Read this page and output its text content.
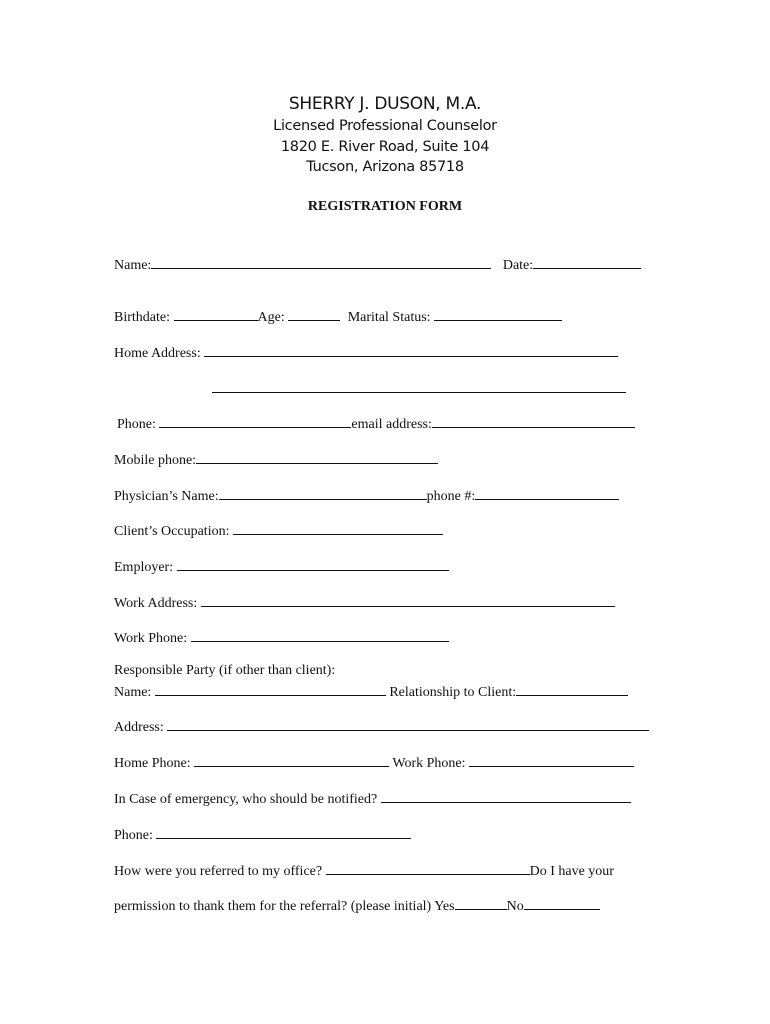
SHERRY J. DUSON, M.A.
Licensed Professional Counselor
1820 E. River Road, Suite 104
Tucson, Arizona 85718
REGISTRATION FORM
Name:	Date:
Birthdate:	Age:	Marital Status:
Home Address:
Phone:	email address:
Mobile phone:
Physician’s Name:	phone #:
Client’s Occupation:
Employer:
Work Address:
Work Phone:
Responsible Party (if other than client):
Name:	Relationship to Client:
Address:
Home Phone:	Work Phone:
In Case of emergency, who should be notified?
Phone:
How were you referred to my office?	Do I have your
permission to thank them for the referral? (please initial) Yes	No
